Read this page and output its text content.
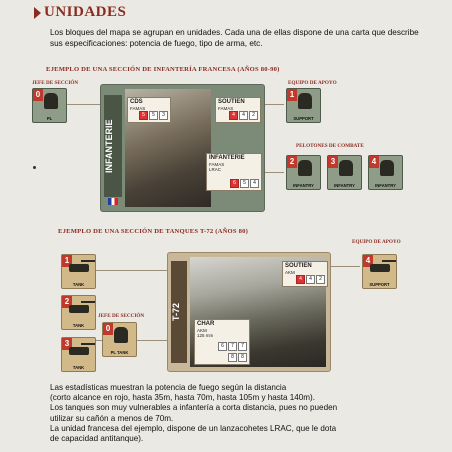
UNIDADES
Los bloques del mapa se agrupan en unidades. Cada una de ellas dispone de una carta que describe sus especificaciones: potencia de fuego, tipo de arma, etc.
EJEMPLO DE UNA SECCIÓN DE INFANTERÍA FRANCESA (AÑOS 80-90)
JEFE DE SECCIÓN	EQUIPO DE APOYO
PELOTONES DE COMBATE
0
PL
1
SUPPORT
2
INFANTRY
3
INFANTRY
4
INFANTRY
INFANTERIE
CDS
FAMAS
5	5	3
SOUTIEN
FAMAS
4	4	2
INFANTERIE
FAMAS
LRAC
6	5	4
EJEMPLO DE UNA SECCIÓN DE TANQUES T-72 (AÑOS 80)
EQUIPO DE APOYO
JEFE DE SECCIÓN
1
TANK
2
TANK
3
TANK
0
PL TANK
4
SUPPORT
T-72
SOUTIEN
AKM
4	4	2
CHAR
AKM
125 mm
6	7	7
8	8
Las estadísticas muestran la potencia de fuego según la distancia
(corto alcance en rojo, hasta 35m, hasta 70m, hasta 105m y hasta 140m).
Los tanques son muy vulnerables a infantería a corta distancia, pues no pueden
utilizar su cañón a menos de 70m.
La unidad francesa del ejemplo, dispone de un lanzacohetes LRAC, que le dota
de capacidad antitanque).
